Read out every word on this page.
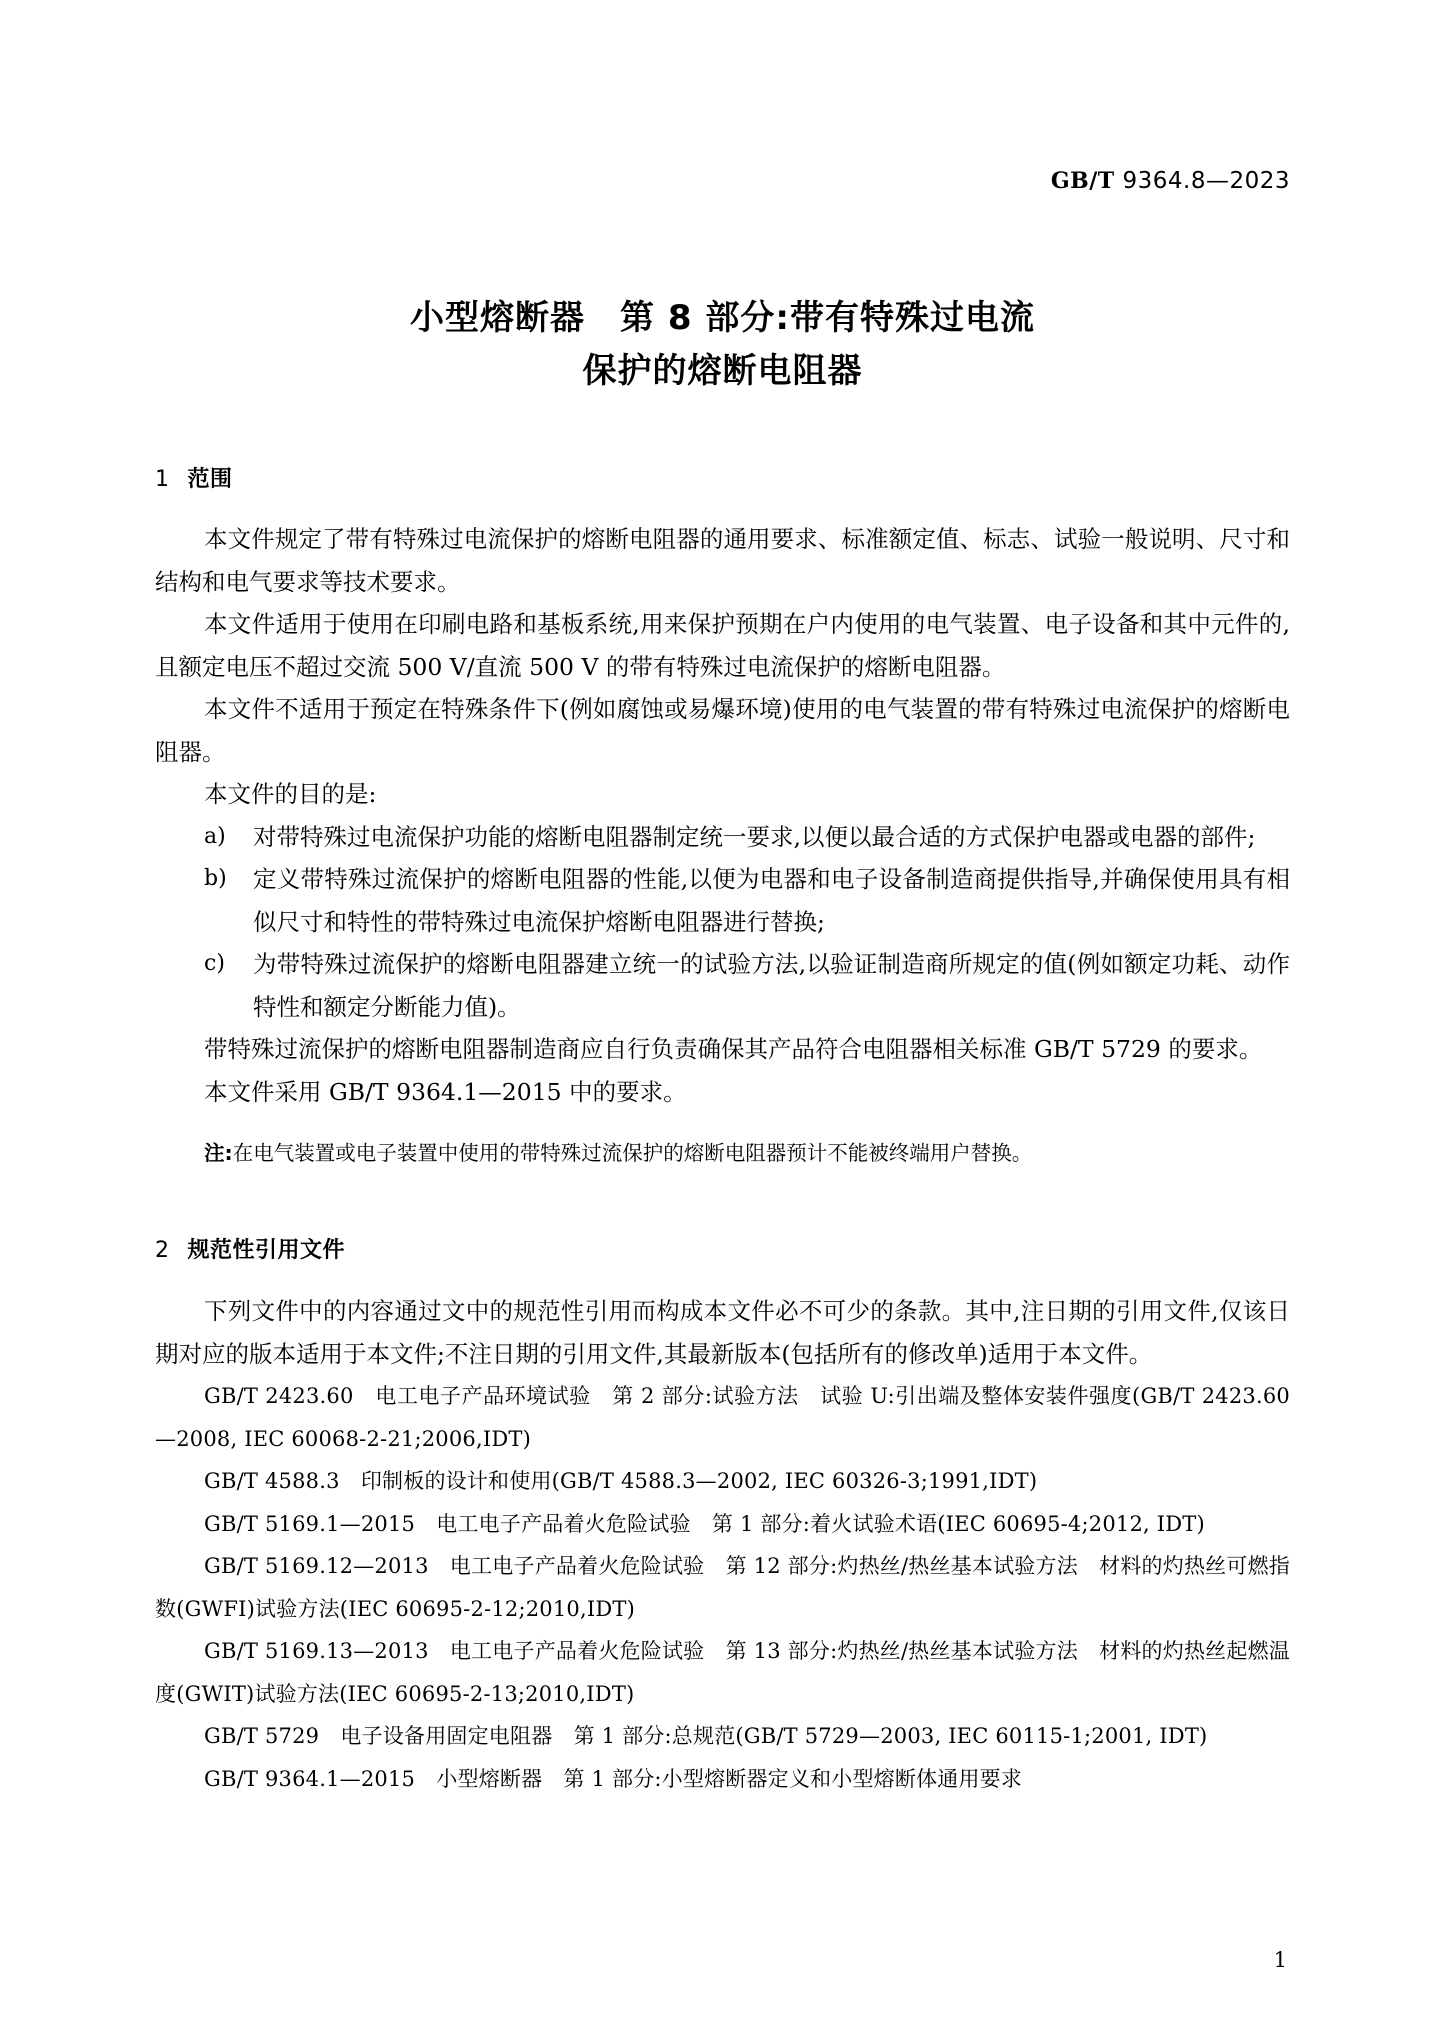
GB/T 9364.8—2023
小型熔断器　第 8 部分:带有特殊过电流
保护的熔断电阻器
1 范围

本文件规定了带有特殊过电流保护的熔断电阻器的通用要求、标准额定值、标志、试验一般说明、尺寸和结构和电气要求等技术要求。

本文件适用于使用在印刷电路和基板系统,用来保护预期在户内使用的电气装置、电子设备和其中元件的,且额定电压不超过交流 500 V/直流 500 V 的带有特殊过电流保护的熔断电阻器。

本文件不适用于预定在特殊条件下(例如腐蚀或易爆环境)使用的电气装置的带有特殊过电流保护的熔断电阻器。

本文件的目的是:

a)	对带特殊过电流保护功能的熔断电阻器制定统一要求,以便以最合适的方式保护电器或电器的部件;

b)	定义带特殊过流保护的熔断电阻器的性能,以便为电器和电子设备制造商提供指导,并确保使用具有相似尺寸和特性的带特殊过电流保护熔断电阻器进行替换;

c)	为带特殊过流保护的熔断电阻器建立统一的试验方法,以验证制造商所规定的值(例如额定功耗、动作特性和额定分断能力值)。

带特殊过流保护的熔断电阻器制造商应自行负责确保其产品符合电阻器相关标准 GB/T 5729 的要求。

本文件采用 GB/T 9364.1—2015 中的要求。

注:在电气装置或电子装置中使用的带特殊过流保护的熔断电阻器预计不能被终端用户替换。

2 规范性引用文件

下列文件中的内容通过文中的规范性引用而构成本文件必不可少的条款。其中,注日期的引用文件,仅该日期对应的版本适用于本文件;不注日期的引用文件,其最新版本(包括所有的修改单)适用于本文件。

GB/T 2423.60　电工电子产品环境试验　第 2 部分:试验方法　试验 U:引出端及整体安装件强度(GB/T 2423.60—2008, IEC 60068-2-21;2006,IDT)

GB/T 4588.3　印制板的设计和使用(GB/T 4588.3—2002, IEC 60326-3;1991,IDT)

GB/T 5169.1—2015　电工电子产品着火危险试验　第 1 部分:着火试验术语(IEC 60695-4;2012, IDT)

GB/T 5169.12—2013　电工电子产品着火危险试验　第 12 部分:灼热丝/热丝基本试验方法　材料的灼热丝可燃指数(GWFI)试验方法(IEC 60695-2-12;2010,IDT)

GB/T 5169.13—2013　电工电子产品着火危险试验　第 13 部分:灼热丝/热丝基本试验方法　材料的灼热丝起燃温度(GWIT)试验方法(IEC 60695-2-13;2010,IDT)

GB/T 5729　电子设备用固定电阻器　第 1 部分:总规范(GB/T 5729—2003, IEC 60115-1;2001, IDT)

GB/T 9364.1—2015　小型熔断器　第 1 部分:小型熔断器定义和小型熔断体通用要求

1
